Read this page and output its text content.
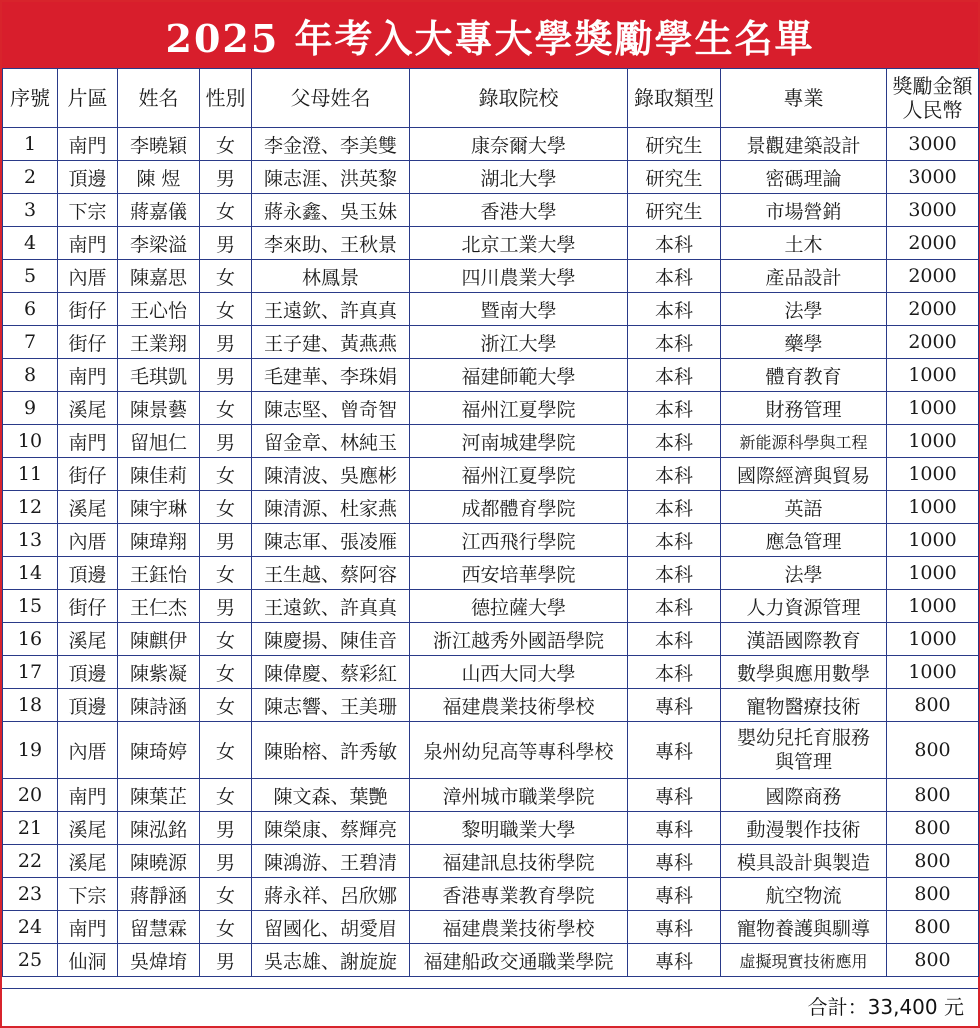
2025 年考入大專大學獎勵學生名單
序號	片區	姓名	性別	父母姓名	錄取院校	錄取類型	專業	獎勵金額
人民幣

1	南門	李曉穎	女	李金澄、李美雙	康奈爾大學	研究生	景觀建築設計	3000
2	頂邊	陳 煜	男	陳志涯、洪英黎	湖北大學	研究生	密碼理論	3000
3	下宗	蔣嘉儀	女	蔣永鑫、吳玉妹	香港大學	研究生	市場營銷	3000
4	南門	李梁溢	男	李來助、王秋景	北京工業大學	本科	土木	2000
5	內厝	陳嘉思	女	林鳳景	四川農業大學	本科	產品設計	2000
6	街仔	王心怡	女	王遠欽、許真真	暨南大學	本科	法學	2000
7	街仔	王業翔	男	王子建、黃燕燕	浙江大學	本科	藥學	2000
8	南門	毛琪凱	男	毛建華、李珠娟	福建師範大學	本科	體育教育	1000
9	溪尾	陳景藝	女	陳志堅、曾奇智	福州江夏學院	本科	財務管理	1000
10	南門	留旭仁	男	留金章、林純玉	河南城建學院	本科	新能源科學與工程	1000
11	街仔	陳佳莉	女	陳清波、吳應彬	福州江夏學院	本科	國際經濟與貿易	1000
12	溪尾	陳宇琳	女	陳清源、杜家燕	成都體育學院	本科	英語	1000
13	內厝	陳瑋翔	男	陳志軍、張凌雁	江西飛行學院	本科	應急管理	1000
14	頂邊	王鈺怡	女	王生越、蔡阿容	西安培華學院	本科	法學	1000
15	街仔	王仁杰	男	王遠欽、許真真	德拉薩大學	本科	人力資源管理	1000
16	溪尾	陳麒伊	女	陳慶揚、陳佳音	浙江越秀外國語學院	本科	漢語國際教育	1000
17	頂邊	陳紫凝	女	陳偉慶、蔡彩紅	山西大同大學	本科	數學與應用數學	1000
18	頂邊	陳詩涵	女	陳志響、王美珊	福建農業技術學校	專科	寵物醫療技術	800
19	內厝	陳琦婷	女	陳貽榕、許秀敏	泉州幼兒高等專科學校	專科	嬰幼兒托育服務
與管理	800
20	南門	陳葉芷	女	陳文森、葉艷	漳州城市職業學院	專科	國際商務	800
21	溪尾	陳泓銘	男	陳榮康、蔡輝亮	黎明職業大學	專科	動漫製作技術	800
22	溪尾	陳曉源	男	陳鴻游、王碧清	福建訊息技術學院	專科	模具設計與製造	800
23	下宗	蔣靜涵	女	蔣永祥、呂欣娜	香港專業教育學院	專科	航空物流	800
24	南門	留慧霖	女	留國化、胡愛眉	福建農業技術學校	專科	寵物養護與馴導	800
25	仙洞	吳煒堉	男	吳志雄、謝旋旋	福建船政交通職業學院	專科	虛擬現實技術應用	800
合計：33,400 元
